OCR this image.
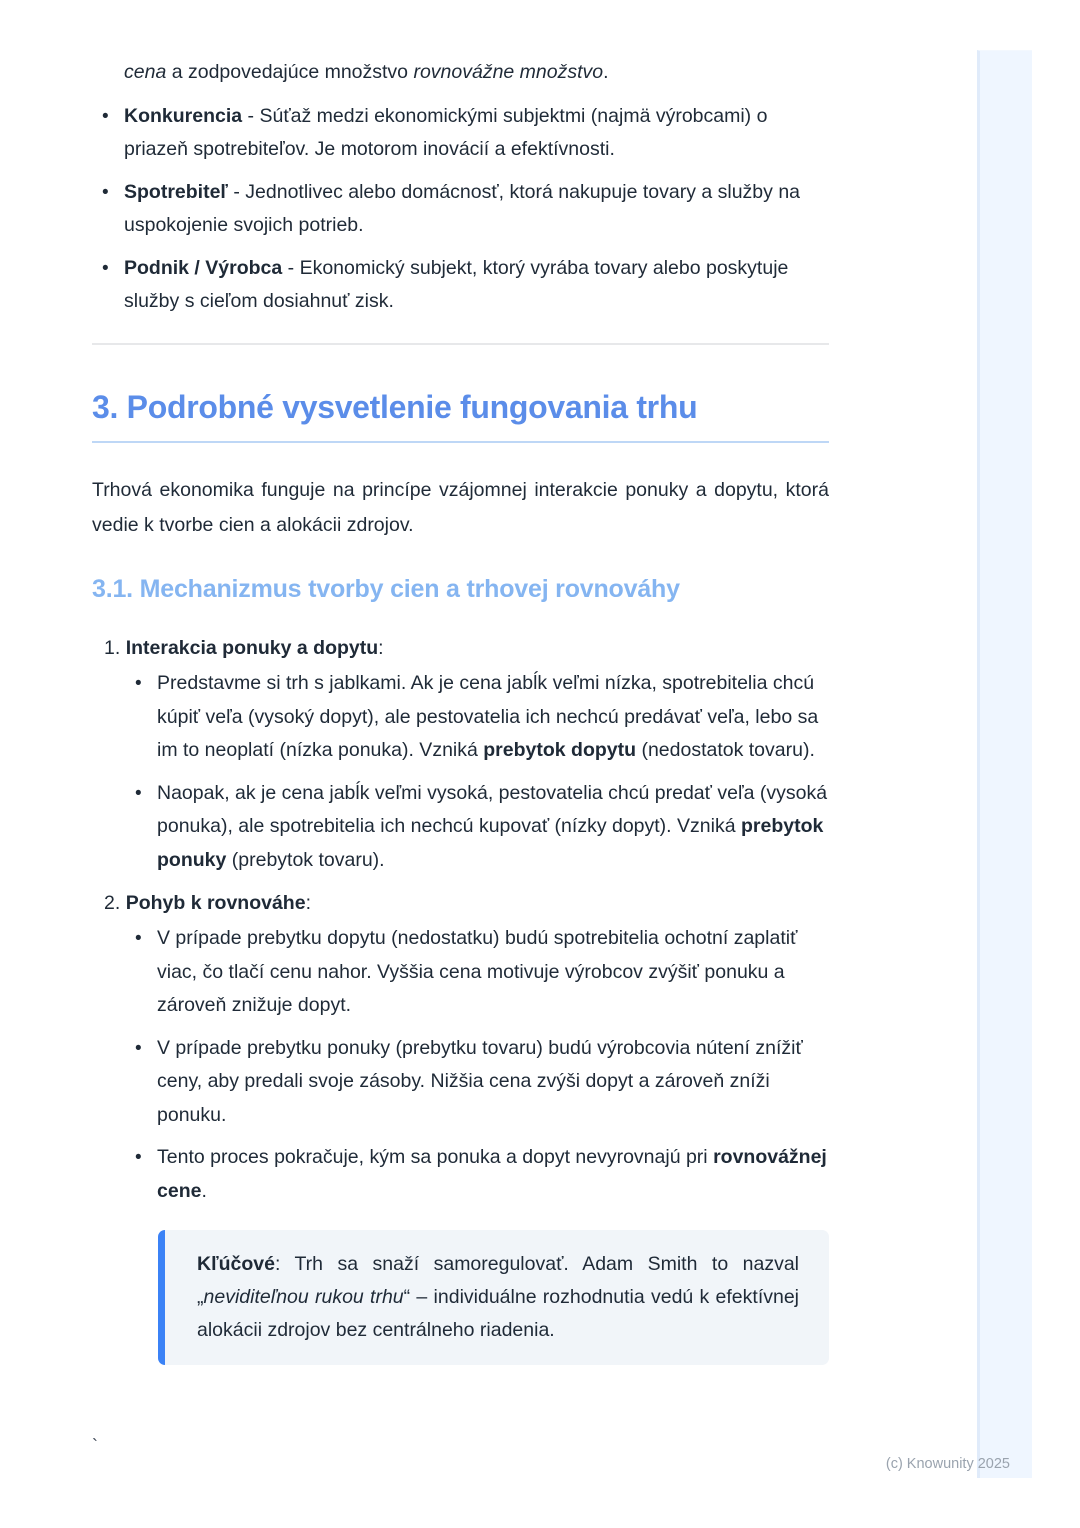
cena a zodpovedajúce množstvo rovnovážne množstvo.

• Konkurencia - Súťaž medzi ekonomickými subjektmi (najmä výrobcami) o priazeň spotrebiteľov. Je motorom inovácií a efektívnosti.
• Spotrebiteľ - Jednotlivec alebo domácnosť, ktorá nakupuje tovary a služby na uspokojenie svojich potrieb.
• Podnik / Výrobca - Ekonomický subjekt, ktorý vyrába tovary alebo poskytuje služby s cieľom dosiahnuť zisk.
3. Podrobné vysvetlenie fungovania trhu

Trhová ekonomika funguje na princípe vzájomnej interakcie ponuky a dopytu, ktorá vedie k tvorbe cien a alokácii zdrojov.

3.1. Mechanizmus tvorby cien a trhovej rovnováhy
1. Interakcia ponuky a dopytu:
• Predstavme si trh s jablkami. Ak je cena jabĺk veľmi nízka, spotrebitelia chcú kúpiť veľa (vysoký dopyt), ale pestovatelia ich nechcú predávať veľa, lebo sa im to neoplatí (nízka ponuka). Vzniká prebytok dopytu (nedostatok tovaru).
• Naopak, ak je cena jabĺk veľmi vysoká, pestovatelia chcú predať veľa (vysoká ponuka), ale spotrebitelia ich nechcú kupovať (nízky dopyt). Vzniká prebytok ponuky (prebytok tovaru).
2. Pohyb k rovnováhe:
• V prípade prebytku dopytu (nedostatku) budú spotrebitelia ochotní zaplatiť viac, čo tlačí cenu nahor. Vyššia cena motivuje výrobcov zvýšiť ponuku a zároveň znižuje dopyt.
• V prípade prebytku ponuky (prebytku tovaru) budú výrobcovia nútení znížiť ceny, aby predali svoje zásoby. Nižšia cena zvýši dopyt a zároveň zníži ponuku.
• Tento proces pokračuje, kým sa ponuka a dopyt nevyrovnajú pri rovnovážnej cene.
Kľúčové: Trh sa snaží samoregulovať. Adam Smith to nazval „neviditeľnou rukou trhu“ – individuálne rozhodnutia vedú k efektívnej alokácii zdrojov bez centrálneho riadenia.
`
(c) Knowunity 2025
